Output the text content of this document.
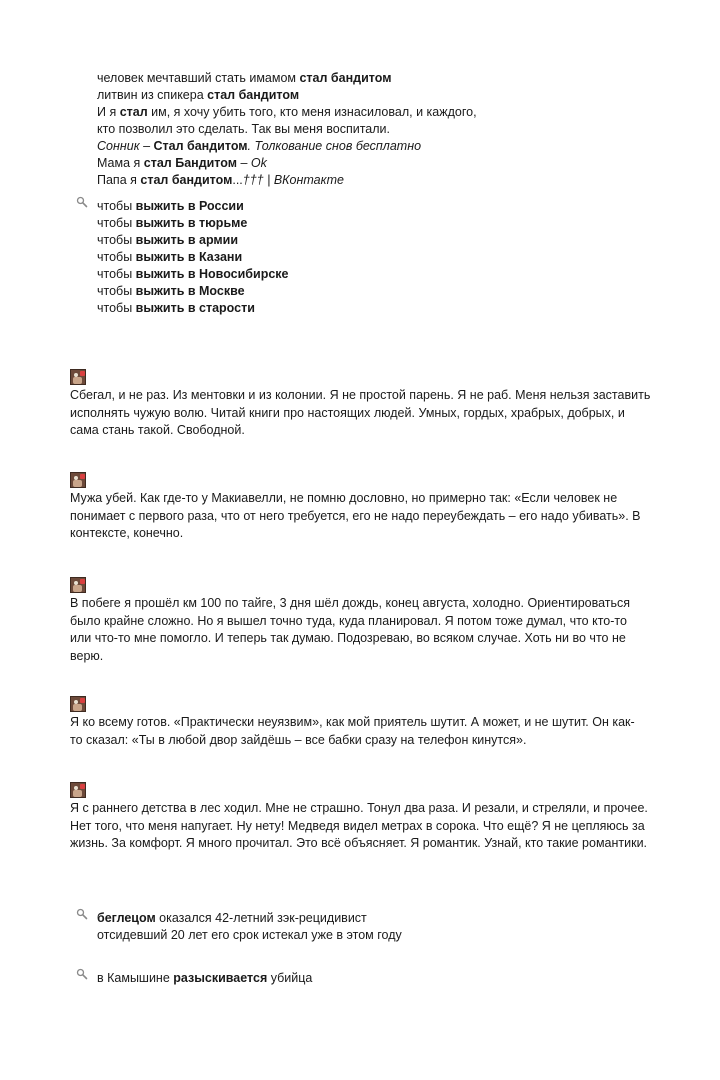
человек мечтавший стать имамом стал бандитом
литвин из спикера стал бандитом
И я стал им, я хочу убить того, кто меня изнасиловал, и каждого,
кто позволил это сделать. Так вы меня воспитали.
Сонник – Стал бандитом. Толкование снов бесплатно
Мама я стал Бандитом – Ok
Папа я стал бандитом...††† | ВКонтакте
чтобы выжить в России
чтобы выжить в тюрьме
чтобы выжить в армии
чтобы выжить в Казани
чтобы выжить в Новосибирске
чтобы выжить в Москве
чтобы выжить в старости
Сбегал, и не раз. Из ментовки и из колонии. Я не простой парень. Я не раб. Меня нельзя заставить
исполнять чужую волю. Читай книги про настоящих людей. Умных, гордых, храбрых, добрых, и
сама стань такой. Свободной.
Мужа убей. Как где-то у Макиавелли, не помню дословно, но примерно так: «Если человек не
понимает с первого раза, что от него требуется, его не надо переубеждать – его надо убивать». В
контексте, конечно.
В побеге я прошёл км 100 по тайге, 3 дня шёл дождь, конец августа, холодно. Ориентироваться
было крайне сложно. Но я вышел точно туда, куда планировал. Я потом тоже думал, что кто-то
или что-то мне помогло. И теперь так думаю. Подозреваю, во всяком случае. Хоть ни во что не
верю.
Я ко всему готов. «Практически неуязвим», как мой приятель шутит. А может, и не шутит. Он как-
то сказал: «Ты в любой двор зайдёшь – все бабки сразу на телефон кинутся».
Я с раннего детства в лес ходил. Мне не страшно. Тонул два раза. И резали, и стреляли, и прочее.
Нет того, что меня напугает. Ну нету! Медведя видел метрах в сорока. Что ещё? Я не цепляюсь за
жизнь. За комфорт. Я много прочитал. Это всё объясняет. Я романтик. Узнай, кто такие романтики.
беглецом оказался 42-летний зэк-рецидивист
отсидевший 20 лет его срок истекал уже в этом году
в Камышине разыскивается убийца
